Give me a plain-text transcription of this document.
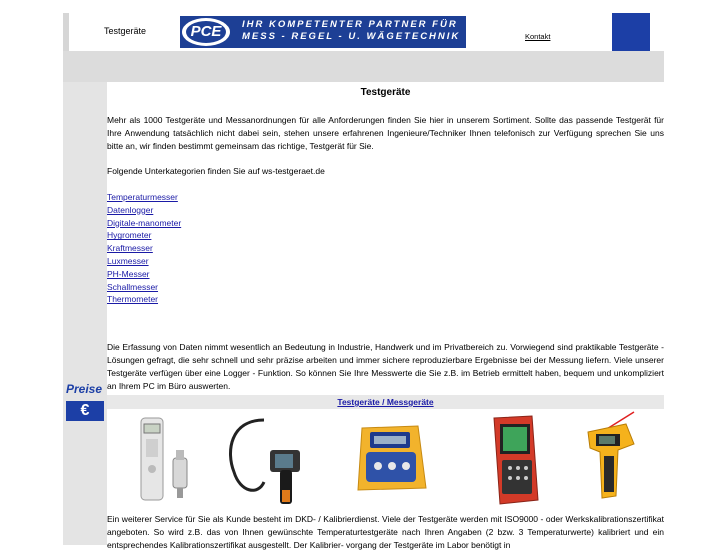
Testgeräte	PCE	IHR KOMPETENTER PARTNER FÜR
MESS - REGEL - U. WÄGETECHNIK	Kontakt
Preise
€
Testgeräte
Mehr als 1000 Testgeräte und Messanordnungen für alle Anforderungen finden Sie hier in unserem Sortiment. Sollte das passende Testgerät für Ihre Anwendung tatsächlich nicht dabei sein, stehen unsere erfahrenen Ingenieure/Techniker Ihnen telefonisch zur Verfügung sprechen Sie uns bitte an, wir finden bestimmt gemeinsam das richtige, Testgerät für Sie.
Folgende Unterkategorien finden Sie auf ws-testgeraet.de
Temperaturmesser
Datenlogger
Digitale-manometer
Hygrometer
Kraftmesser
Luxmesser
PH-Messer
Schallmesser
Thermometer
Die Erfassung von Daten nimmt wesentlich an Bedeutung in Industrie, Handwerk und im Privatbereich zu. Vorwiegend sind praktikable Testgeräte - Lösungen gefragt, die sehr schnell und sehr präzise arbeiten und immer sichere reproduzierbare Ergebnisse bei der Messung liefern. Viele unserer Testgeräte verfügen über eine Logger - Funktion. So können Sie Ihre Messwerte die Sie z.B. im Betrieb ermittelt haben, bequem und unkompliziert an Ihrem PC im Büro auswerten.
Ein weiterer Service für Sie als Kunde besteht im DKD- / Kalibrierdienst. Viele der Testgeräte werden mit ISO9000 - oder Werkskalibrationszertifikat angeboten. So wird z.B. das von Ihnen gewünschte Temperaturtestgeräte nach Ihren Angaben (2 bzw. 3 Temperaturwerte) kalibriert und ein entsprechendes Kalibrationszertifikat ausgestellt. Der Kalibrier- vorgang der Testgeräte im Labor benötigt in
Testgeräte / Messgeräte
